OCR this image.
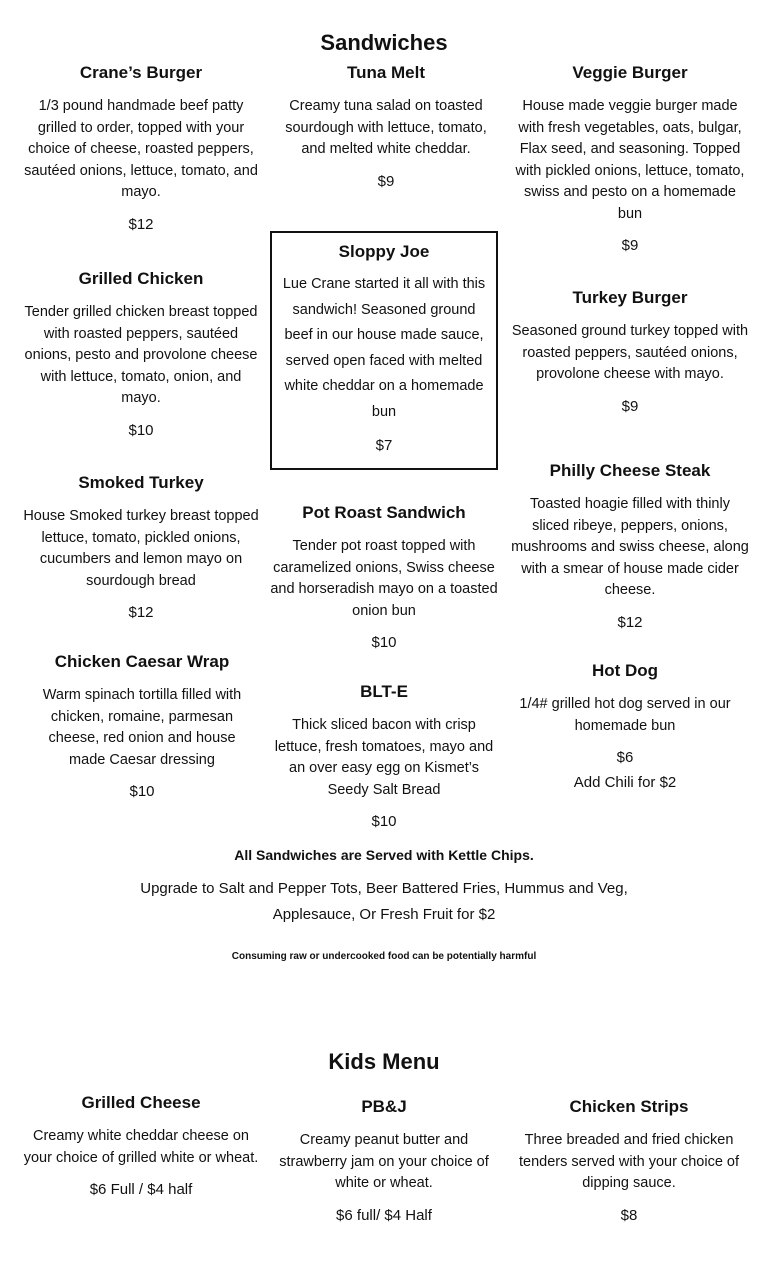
Sandwiches
Crane’s Burger
1/3 pound handmade beef patty grilled to order, topped with your choice of cheese, roasted peppers, sautéed onions, lettuce, tomato, and mayo.
$12
Grilled Chicken
Tender grilled chicken breast topped with roasted peppers, sautéed onions, pesto and provolone cheese with lettuce, tomato, onion, and mayo.
$10
Smoked Turkey
House Smoked turkey breast topped lettuce, tomato, pickled onions, cucumbers and lemon mayo on sourdough bread
$12
Chicken Caesar Wrap
Warm spinach tortilla filled with chicken, romaine, parmesan cheese, red onion and house made Caesar dressing
$10
Tuna Melt
Creamy tuna salad on toasted sourdough with lettuce, tomato, and melted white cheddar.
$9
Sloppy Joe
Lue Crane started it all with this sandwich! Seasoned ground beef in our house made sauce, served open faced with melted white cheddar on a homemade bun
$7
Pot Roast Sandwich
Tender pot roast topped with caramelized onions, Swiss cheese and horseradish mayo on a toasted onion bun
$10
BLT-E
Thick sliced bacon with crisp lettuce, fresh tomatoes, mayo and an over easy egg on Kismet’s Seedy Salt Bread
$10
Veggie Burger
House made veggie burger made with fresh vegetables, oats, bulgar, Flax seed, and seasoning. Topped with pickled onions, lettuce, tomato, swiss and pesto on a homemade bun
$9
Turkey Burger
Seasoned ground turkey topped with roasted peppers, sautéed onions, provolone cheese with mayo.
$9
Philly Cheese Steak
Toasted hoagie filled with thinly sliced ribeye, peppers, onions, mushrooms and swiss cheese, along with a smear of house made cider cheese.
$12
Hot Dog
1/4# grilled hot dog served in our homemade bun
$6
Add Chili for $2
All Sandwiches are Served with Kettle Chips.
Upgrade to Salt and Pepper Tots, Beer Battered Fries, Hummus and Veg,
Applesauce, Or Fresh Fruit for $2
Consuming raw or undercooked food can be potentially harmful
Kids Menu
Grilled Cheese
Creamy white cheddar cheese on your choice of grilled white or wheat.
$6 Full / $4 half
PB&J
Creamy peanut butter and strawberry jam on your choice of white or wheat.
$6 full/ $4 Half
Chicken Strips
Three breaded and fried chicken tenders served with your choice of dipping sauce.
$8
